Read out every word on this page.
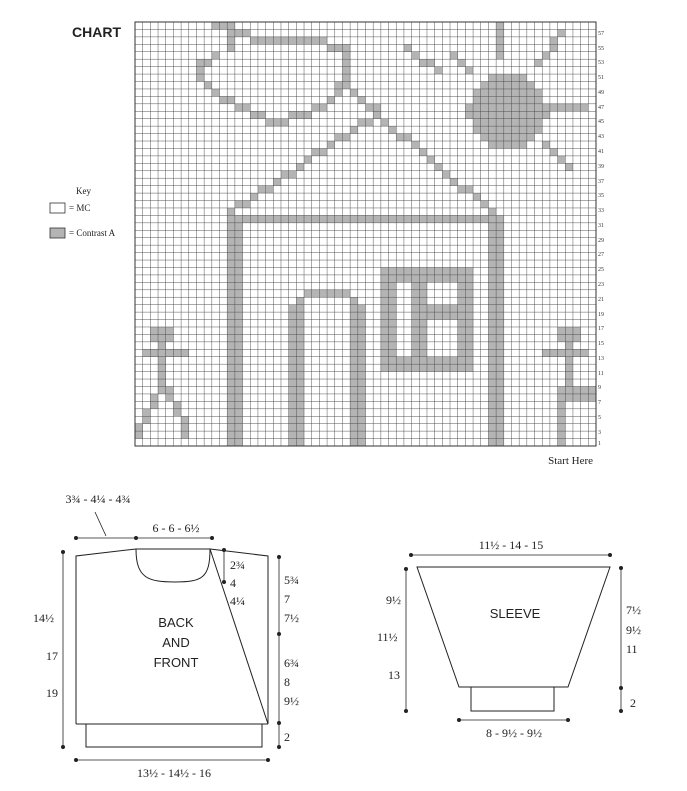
CHART	57
55
53
51
49
47
45
43
41
39
37
35
33
31
29
27
25
23
21
19
17
15
13
11
9
7
5
3
1
Start Here
Key
= MC
= Contrast A
BACK
AND
FRONT
3¾ - 4¼ - 4¾
6 - 6 - 6½
2¾
4
4¼
5¾
7
7½
6¾
8
9½
2
14½
17
19
13½ - 14½ - 16
SLEEVE
11½ - 14 - 15
9½
11½
13
7½
9½
11
2
8 - 9½ - 9½
